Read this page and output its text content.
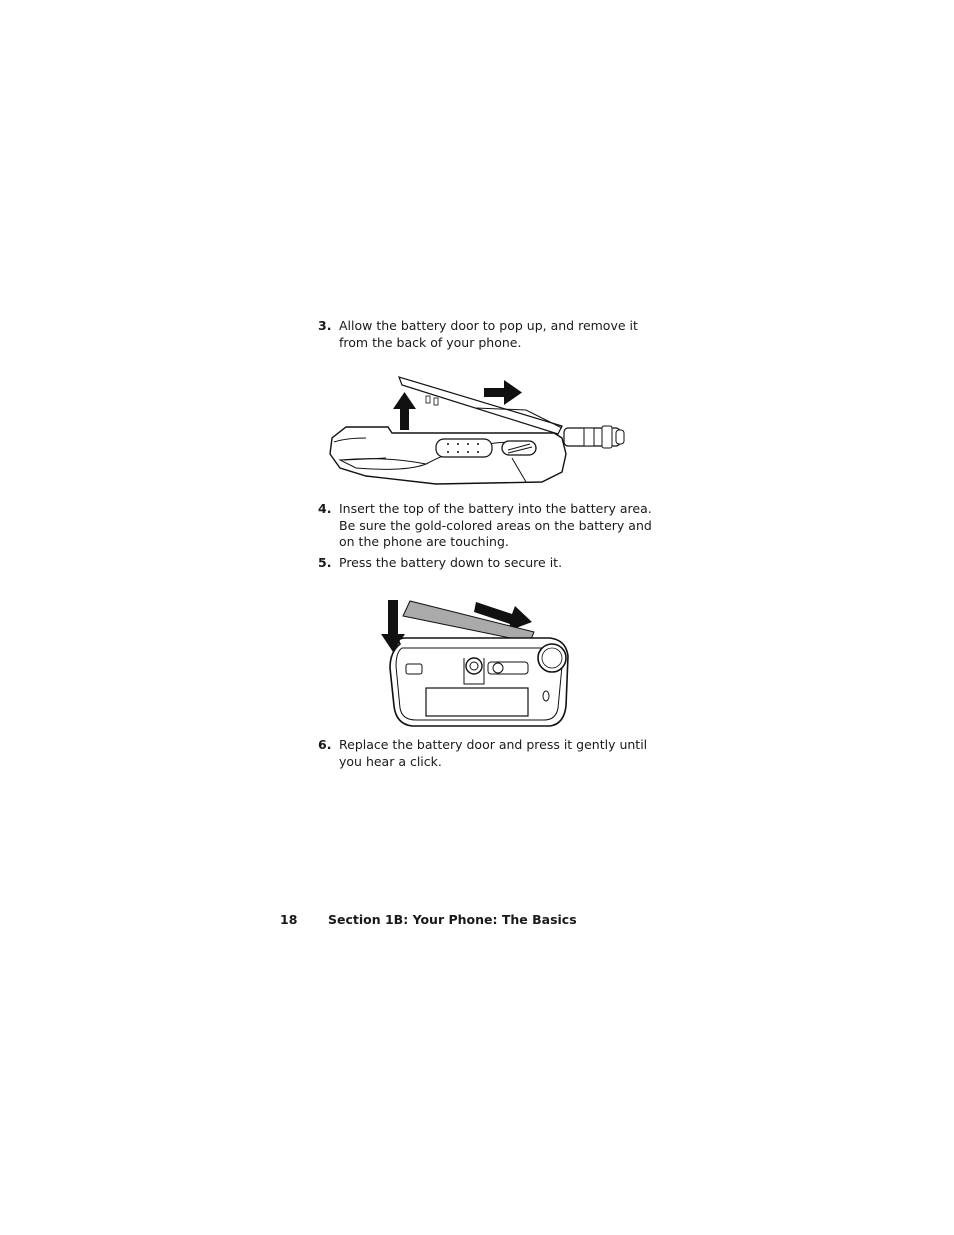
3. Allow the battery door to pop up, and remove it from the back of your phone.
4. Insert the top of the battery into the battery area. Be sure the gold-colored areas on the battery and on the phone are touching.
5. Press the battery down to secure it.
6. Replace the battery door and press it gently until you hear a click.
18 Section 1B: Your Phone: The Basics
